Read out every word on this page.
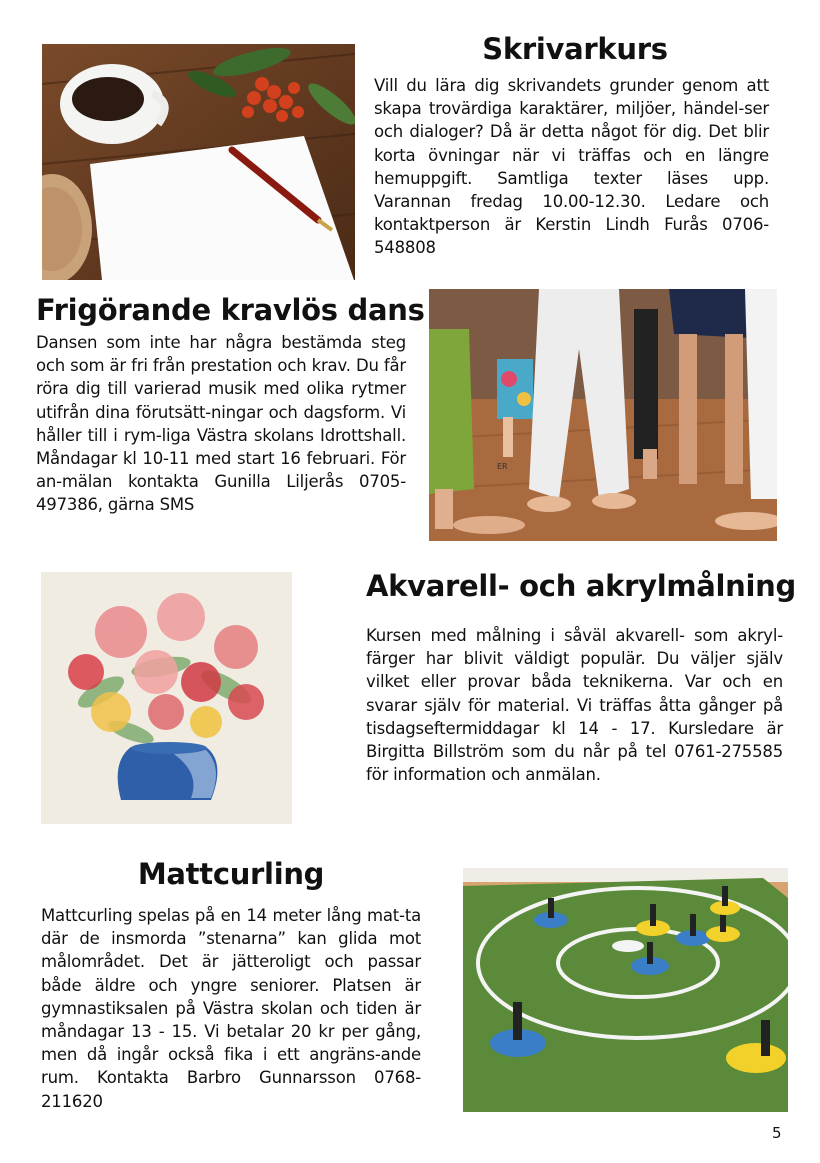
Skrivarkurs

Vill du lära dig skrivandets grunder genom att skapa trovärdiga karaktärer, miljöer, händel-ser och dialoger? Då är detta något för dig. Det blir korta övningar när vi träffas och en längre hemuppgift. Samtliga texter läses upp. Varannan fredag 10.00-12.30. Ledare och kontaktperson är Kerstin Lindh Furås 0706-548808

Frigörande kravlös dans

Dansen som inte har några bestämda steg och som är fri från prestation och krav. Du får röra dig till varierad musik med olika rytmer utifrån dina förutsätt-ningar och dagsform. Vi håller till i rym-liga Västra skolans Idrottshall. Måndagar kl 10-11 med start 16 februari. För an-mälan kontakta Gunilla Liljerås 0705-497386, gärna SMS

ER
Akvarell- och akrylmålning

Kursen med målning i såväl akvarell- som akryl-färger har blivit väldigt populär. Du väljer själv vilket eller provar båda teknikerna. Var och en svarar själv för material. Vi träffas åtta gånger på tisdagseftermiddagar kl 14 - 17. Kursledare är Birgitta Billström som du når på tel 0761-275585 för information och anmälan.

Mattcurling

Mattcurling spelas på en 14 meter lång mat-ta där de insmorda ”stenarna” kan glida mot målområdet. Det är jätteroligt och passar både äldre och yngre seniorer. Platsen är gymnastiksalen på Västra skolan och tiden är måndagar 13 - 15. Vi betalar 20 kr per gång, men då ingår också fika i ett angräns-ande rum. Kontakta Barbro Gunnarsson 0768-211620

5
